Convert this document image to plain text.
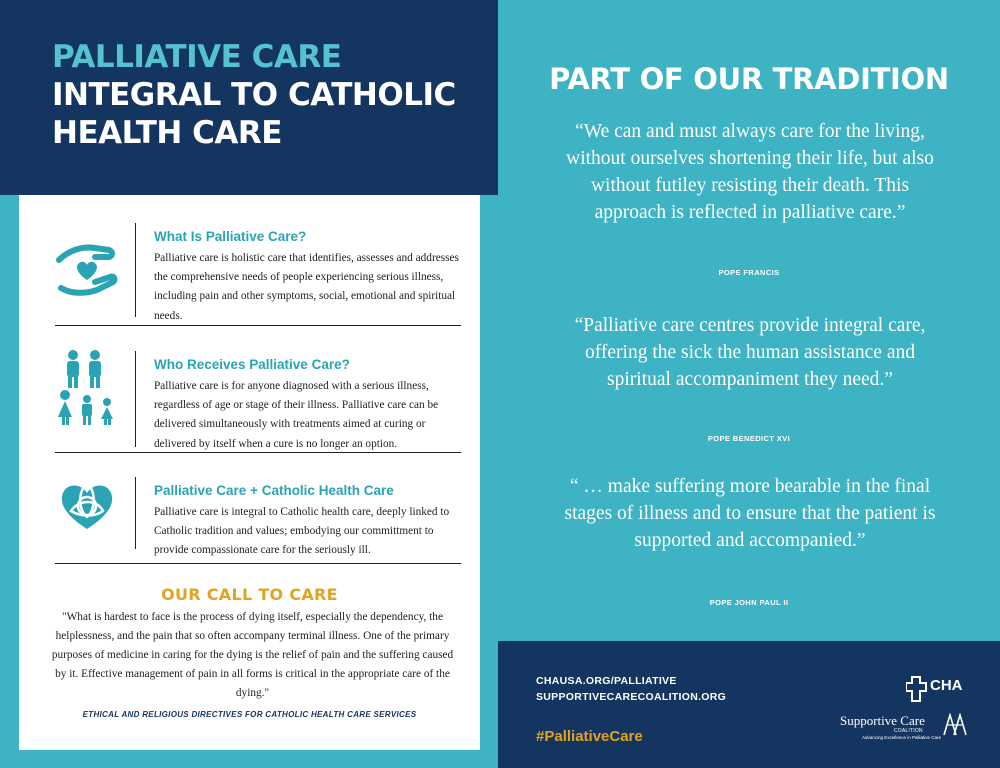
PALLIATIVE CARE
INTEGRAL TO CATHOLIC
HEALTH CARE
What Is Palliative Care?

Palliative care is holistic care that identifies, assesses and addresses the comprehensive needs of people experiencing serious illness, including pain and other symptoms, social, emotional and spiritual needs.

Who Receives Palliative Care?

Palliative care is for anyone diagnosed with a serious illness, regardless of age or stage of their illness. Palliative care can be delivered simultaneously with treatments aimed at curing or delivered by itself when a cure is no longer an option.

Palliative Care + Catholic Health Care

Palliative care is integral to Catholic health care, deeply linked to Catholic tradition and values; embodying our committment to provide compassionate care for the seriously ill.

OUR CALL TO CARE
"What is hardest to face is the process of dying itself, especially the dependency, the helplessness, and the pain that so often accompany terminal illness. One of the primary purposes of medicine in caring for the dying is the relief of pain and the suffering caused by it. Effective management of pain in all forms is critical in the appropriate care of the dying."
ETHICAL AND RELIGIOUS DIRECTIVES FOR CATHOLIC HEALTH CARE SERVICES
PART OF OUR TRADITION
“We can and must always care for the living, without ourselves shortening their life, but also without futiley resisting their death. This approach is reflected in palliative care.”
POPE FRANCIS
“Palliative care centres provide integral care, offering the sick the human assistance and spiritual accompaniment they need.”
POPE BENEDICT XVI
“ … make suffering more bearable in the final stages of illness and to ensure that the patient is supported and accompanied.”
POPE JOHN PAUL II
CHAUSA.ORG/PALLIATIVE
SUPPORTIVECARECOALITION.ORG
#PalliativeCare
CHA
Supportive Care
COALITION
Advancing Excellence in Palliative Care
